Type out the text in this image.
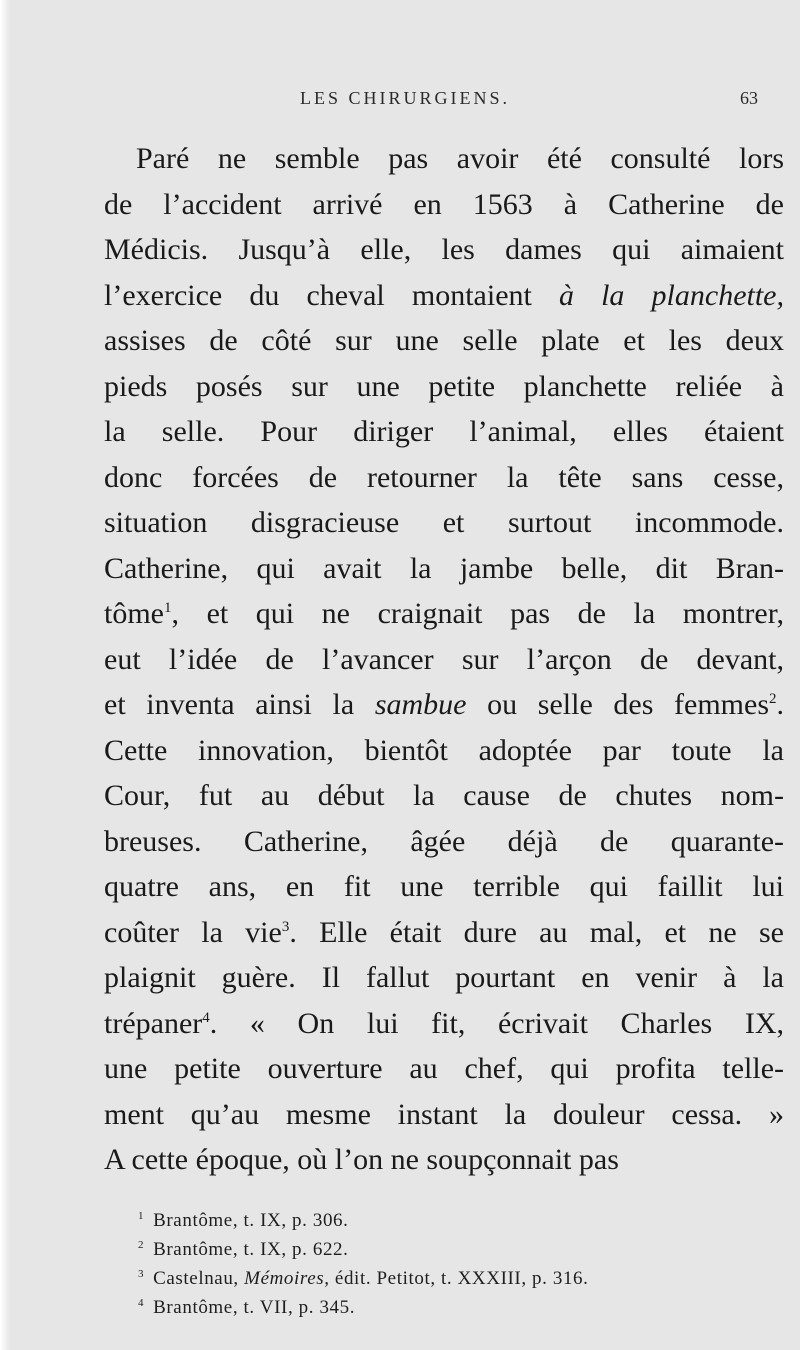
LES CHIRURGIENS.	63
Paré ne semble pas avoir été consulté lors
de l’accident arrivé en 1563 à Catherine de
Médicis. Jusqu’à elle, les dames qui aimaient
l’exercice du cheval montaient à la planchette,
assises de côté sur une selle plate et les deux
pieds posés sur une petite planchette reliée à
la selle. Pour diriger l’animal, elles étaient
donc forcées de retourner la tête sans cesse,
situation disgracieuse et surtout incommode.
Catherine, qui avait la jambe belle, dit Bran-
tôme$^1$, et qui ne craignait pas de la montrer,
eut l’idée de l’avancer sur l’arçon de devant,
et inventa ainsi la sambue ou selle des femmes$^2$.
Cette innovation, bientôt adoptée par toute la
Cour, fut au début la cause de chutes nom-
breuses. Catherine, âgée déjà de quarante-
quatre ans, en fit une terrible qui faillit lui
coûter la vie$^3$. Elle était dure au mal, et ne se
plaignit guère. Il fallut pourtant en venir à la
trépaner$^4$. « On lui fit, écrivait Charles IX,
une petite ouverture au chef, qui profita telle-
ment qu’au mesme instant la douleur cessa. »
A cette époque, où l’on ne soupçonnait pas
$^1$ Brantôme, t. IX, p. 306.
$^2$ Brantôme, t. IX, p. 622.
$^3$ Castelnau, Mémoires, édit. Petitot, t. XXXIII, p. 316.
$^4$ Brantôme, t. VII, p. 345.
